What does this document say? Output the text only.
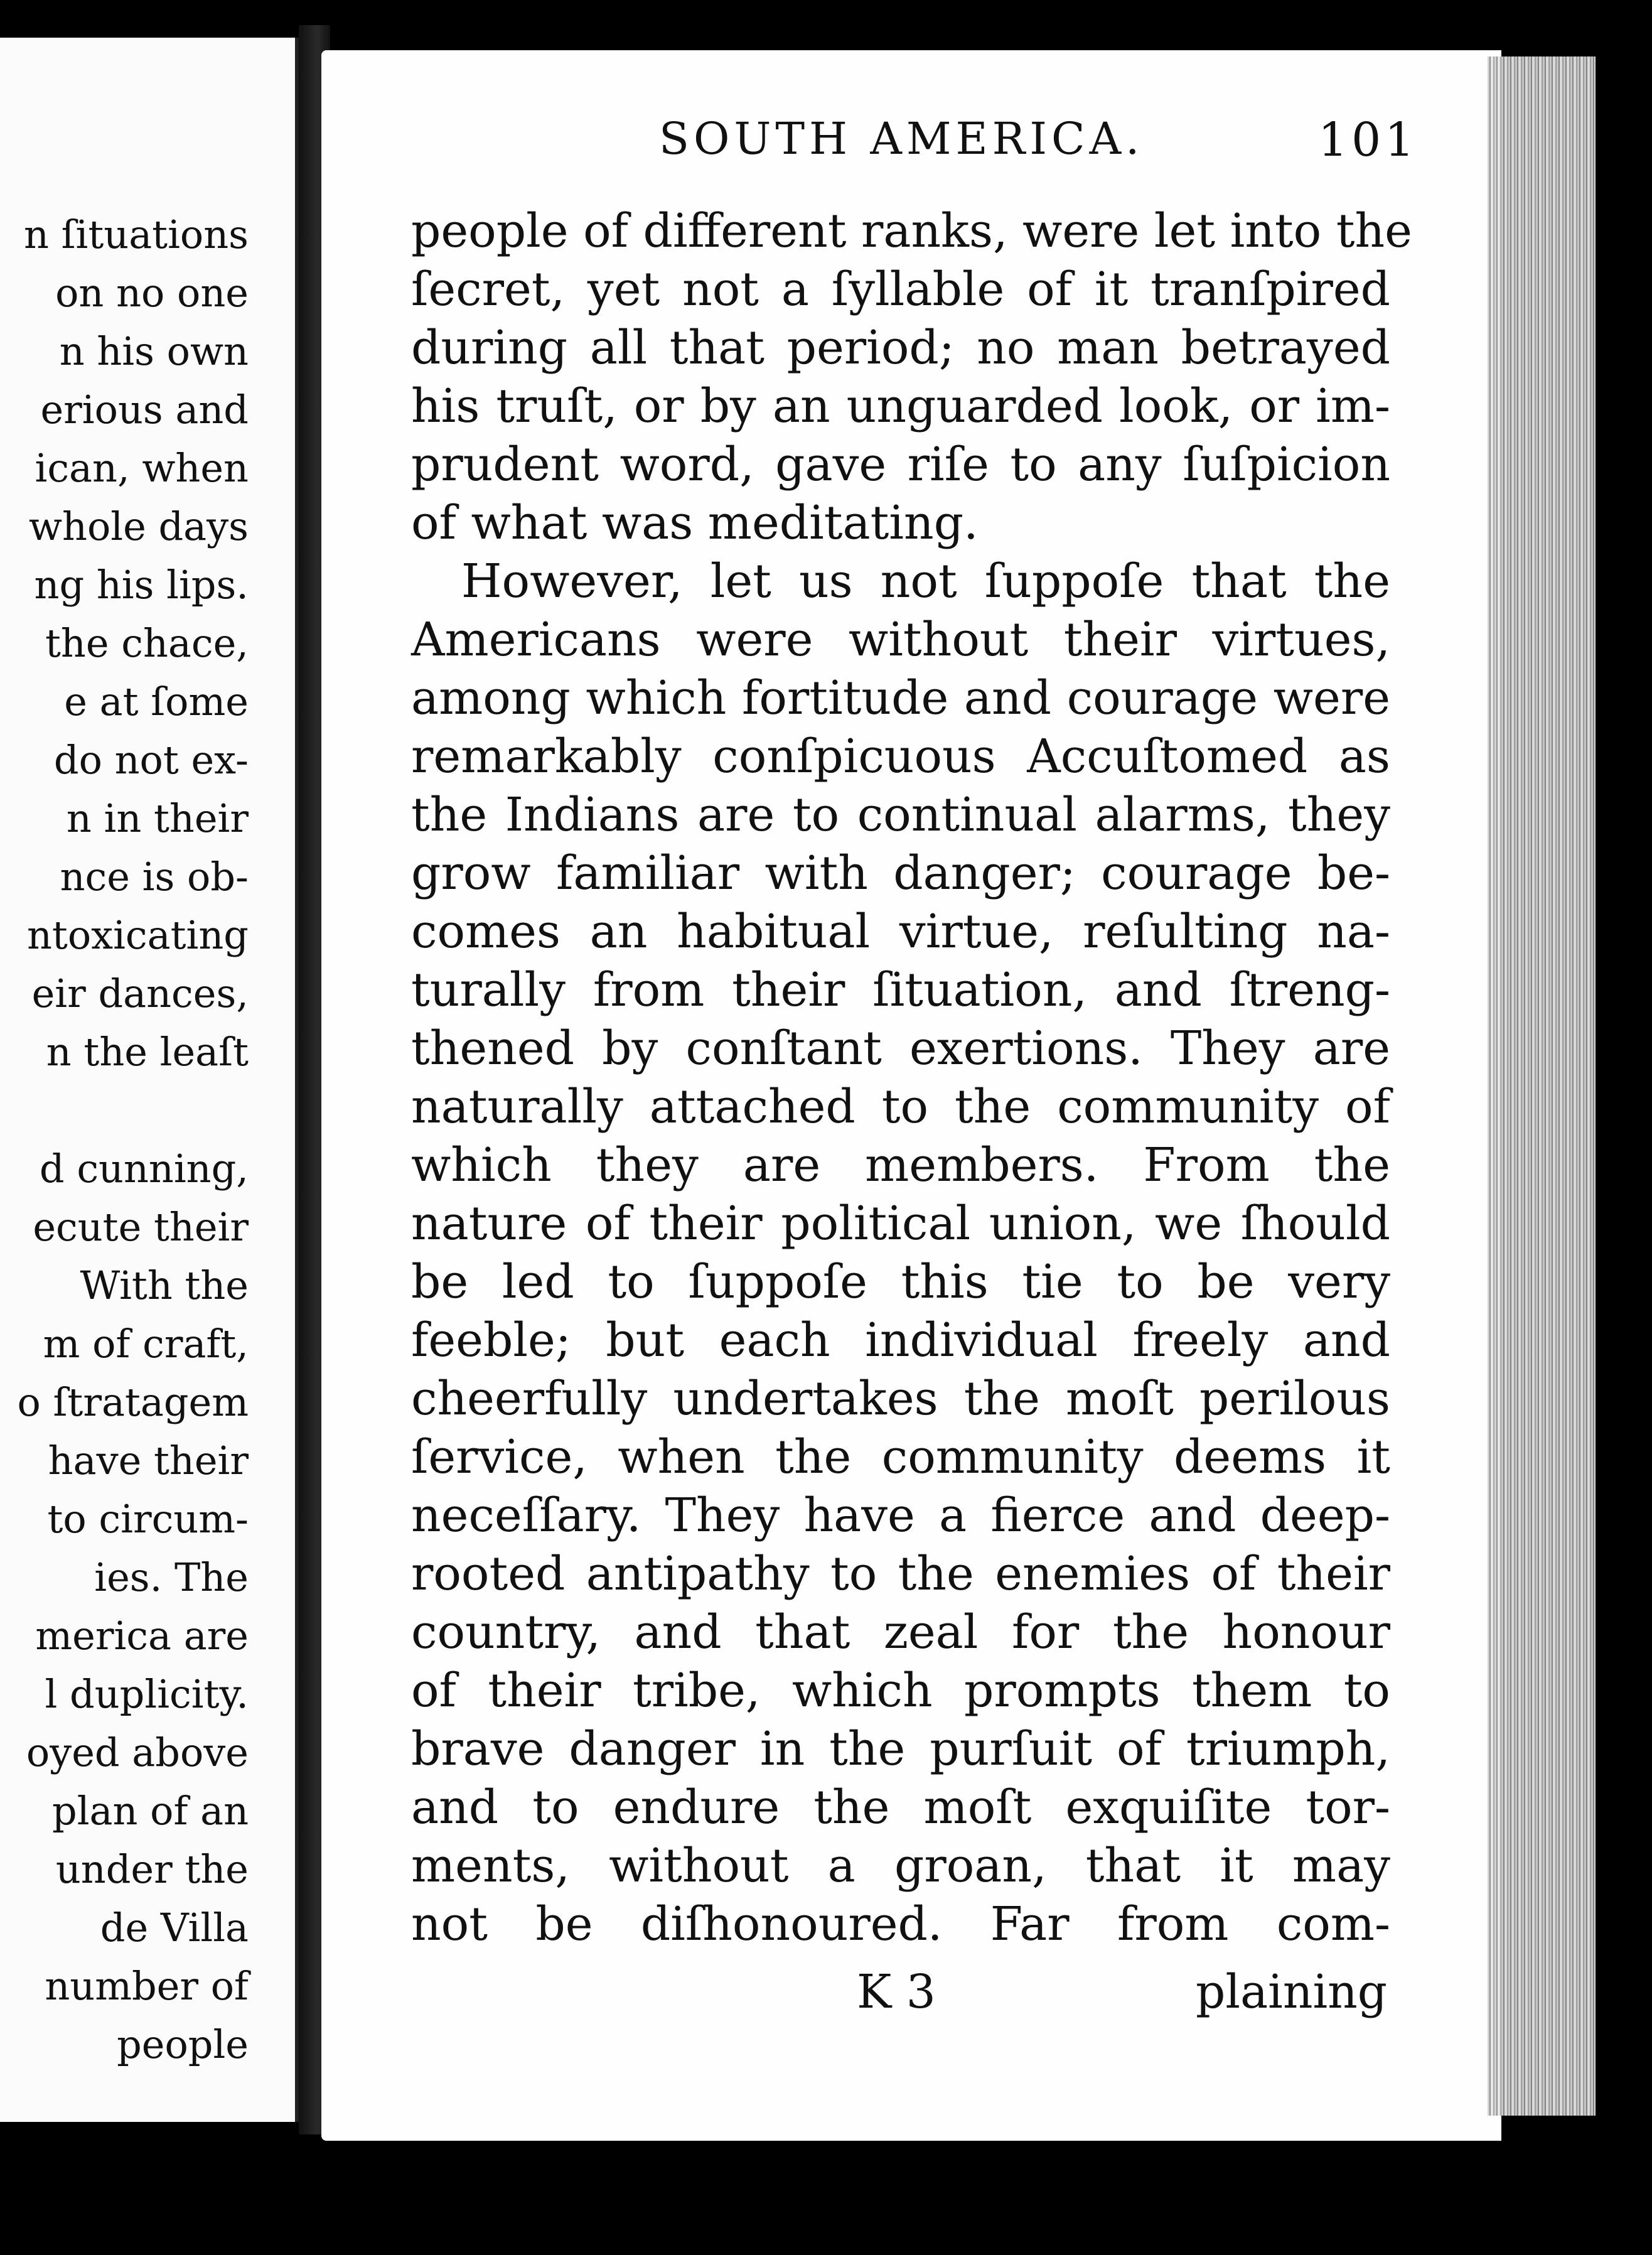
n ſituations
on no one
n his own
erious and
ican, when
whole days
ng his lips.
the chace,
e at ſome
do not ex-
n in their
nce is ob-
ntoxicating
eir dances,
n the leaſt
d cunning,
ecute their
With the
m of craft,
o ſtratagem
have their
to circum-
ies. The
merica are
l duplicity.
oyed above
plan of an
under the
de Villa
number of
people
SOUTH AMERICA.	101
people of different ranks, were let into the
ſecret, yet not a ſyllable of it tranſpired
during all that period; no man betrayed
his truſt, or by an unguarded look, or im-
prudent word, gave riſe to any ſuſpicion
of what was meditating.
However, let us not ſuppoſe that the
Americans were without their virtues,
among which fortitude and courage were
remarkably conſpicuous Accuſtomed as
the Indians are to continual alarms, they
grow familiar with danger; courage be-
comes an habitual virtue, reſulting na-
turally from their ſituation, and ſtreng-
thened by conſtant exertions. They are
naturally attached to the community of
which they are members. From the
nature of their political union, we ſhould
be led to ſuppoſe this tie to be very
feeble; but each individual freely and
cheerfully undertakes the moſt perilous
ſervice, when the community deems it
neceſſary. They have a fierce and deep-
rooted antipathy to the enemies of their
country, and that zeal for the honour
of their tribe, which prompts them to
brave danger in the purſuit of triumph,
and to endure the moſt exquiſite tor-
ments, without a groan, that it may
not be diſhonoured. Far from com-
K 3	plaining
